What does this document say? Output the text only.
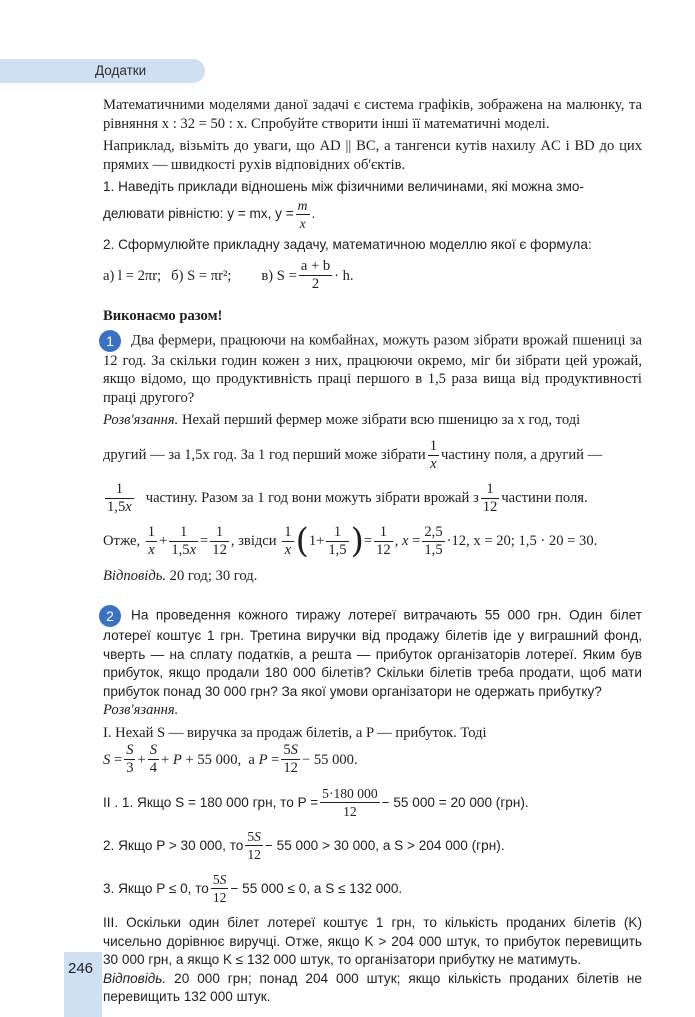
Додатки

Математичними моделями даної задачі є система графіків, зображена на малюнку, та рівняння x : 32 = 50 : x. Спробуйте створити інші її математичні моделі.

Наприклад, візьміть до уваги, що AD || BC, а тангенси кутів нахилу AC і BD до цих прямих — швидкості рухів відповідних об'єктів.

1. Наведіть приклади відношень між фізичними величинами, які можна змо-

делювати рівністю: y = mx, $y = \frac{m}{x}$ .

2. Сформулюйте прикладну задачу, математичною моделлю якої є формула:

а) l = 2πr; б) S = πr²; в) $S = \frac{a + b}{2} \cdot h$.

Виконаємо разом!

1 Два фермери, працюючи на комбайнах, можуть разом зібрати врожай пшениці за 12 год. За скільки годин кожен з них, працюючи окремо, міг би зібрати цей урожай, якщо відомо, що продуктивність праці першого в 1,5 раза вища від продуктивності праці другого?

Розв'язання. Нехай перший фермер може зібрати всю пшеницю за x год, тоді

другий — за 1,5x год. За 1 год перший може зібрати $\frac{1}{x}$ частину поля, а другий —
$\frac{1}{1,5x}$ частину. Разом за 1 год вони можуть зібрати врожай з $\frac{1}{12}$ частини поля.
Отже,
$\frac{1}{x} + \frac{1}{1,5x} = \frac{1}{12}$ , звідси
$\frac{1}{x}$ ( $1+ \frac{1}{1,5}$ ) = $\frac{1}{12}$ , $x = \frac{2,5}{1,5} \cdot 12$, x = 20; 1,5 · 20 = 30.

Відповідь. 20 год; 30 год.

2 На проведення кожного тиражу лотереї витрачають 55 000 грн. Один білет лотереї коштує 1 грн. Третина виручки від продажу білетів іде у виграшний фонд, чверть — на сплату податків, а решта — прибуток організаторів лотереї. Яким був прибуток, якщо продали 180 000 білетів? Скільки білетів треба продати, щоб мати прибуток понад 30 000 грн? За якої умови організатори не одержать прибутку?

Розв'язання.

I. Нехай S — виручка за продаж білетів, а P — прибуток. Тоді

$S = \frac{S}{3} + \frac{S}{4} + P + 55$ 000,  а $P = \frac{5S}{12} - 55$ 000.
II . 1. Якщо S = 180 000 грн, то $P = \frac{5\cdot 180 000}{12} - 55$ 000 = 20 000 (грн).
2. Якщо P > 30 000, то $\frac{5S}{12} - 55$ 000 > 30 000, а S > 204 000 (грн).
3. Якщо P ≤ 0, то $\frac{5S}{12} - 55$ 000 ≤ 0, а S ≤ 132 000.

III. Оскільки один білет лотереї коштує 1 грн, то кількість проданих білетів (K) чисельно дорівнює виручці. Отже, якщо K > 204 000 штук, то прибуток перевищить 30 000 грн, а якщо K ≤ 132 000 штук, то організатори прибутку не матимуть.

Відповідь. 20 000 грн; понад 204 000 штук; якщо кількість проданих білетів не перевищить 132 000 штук.

246
